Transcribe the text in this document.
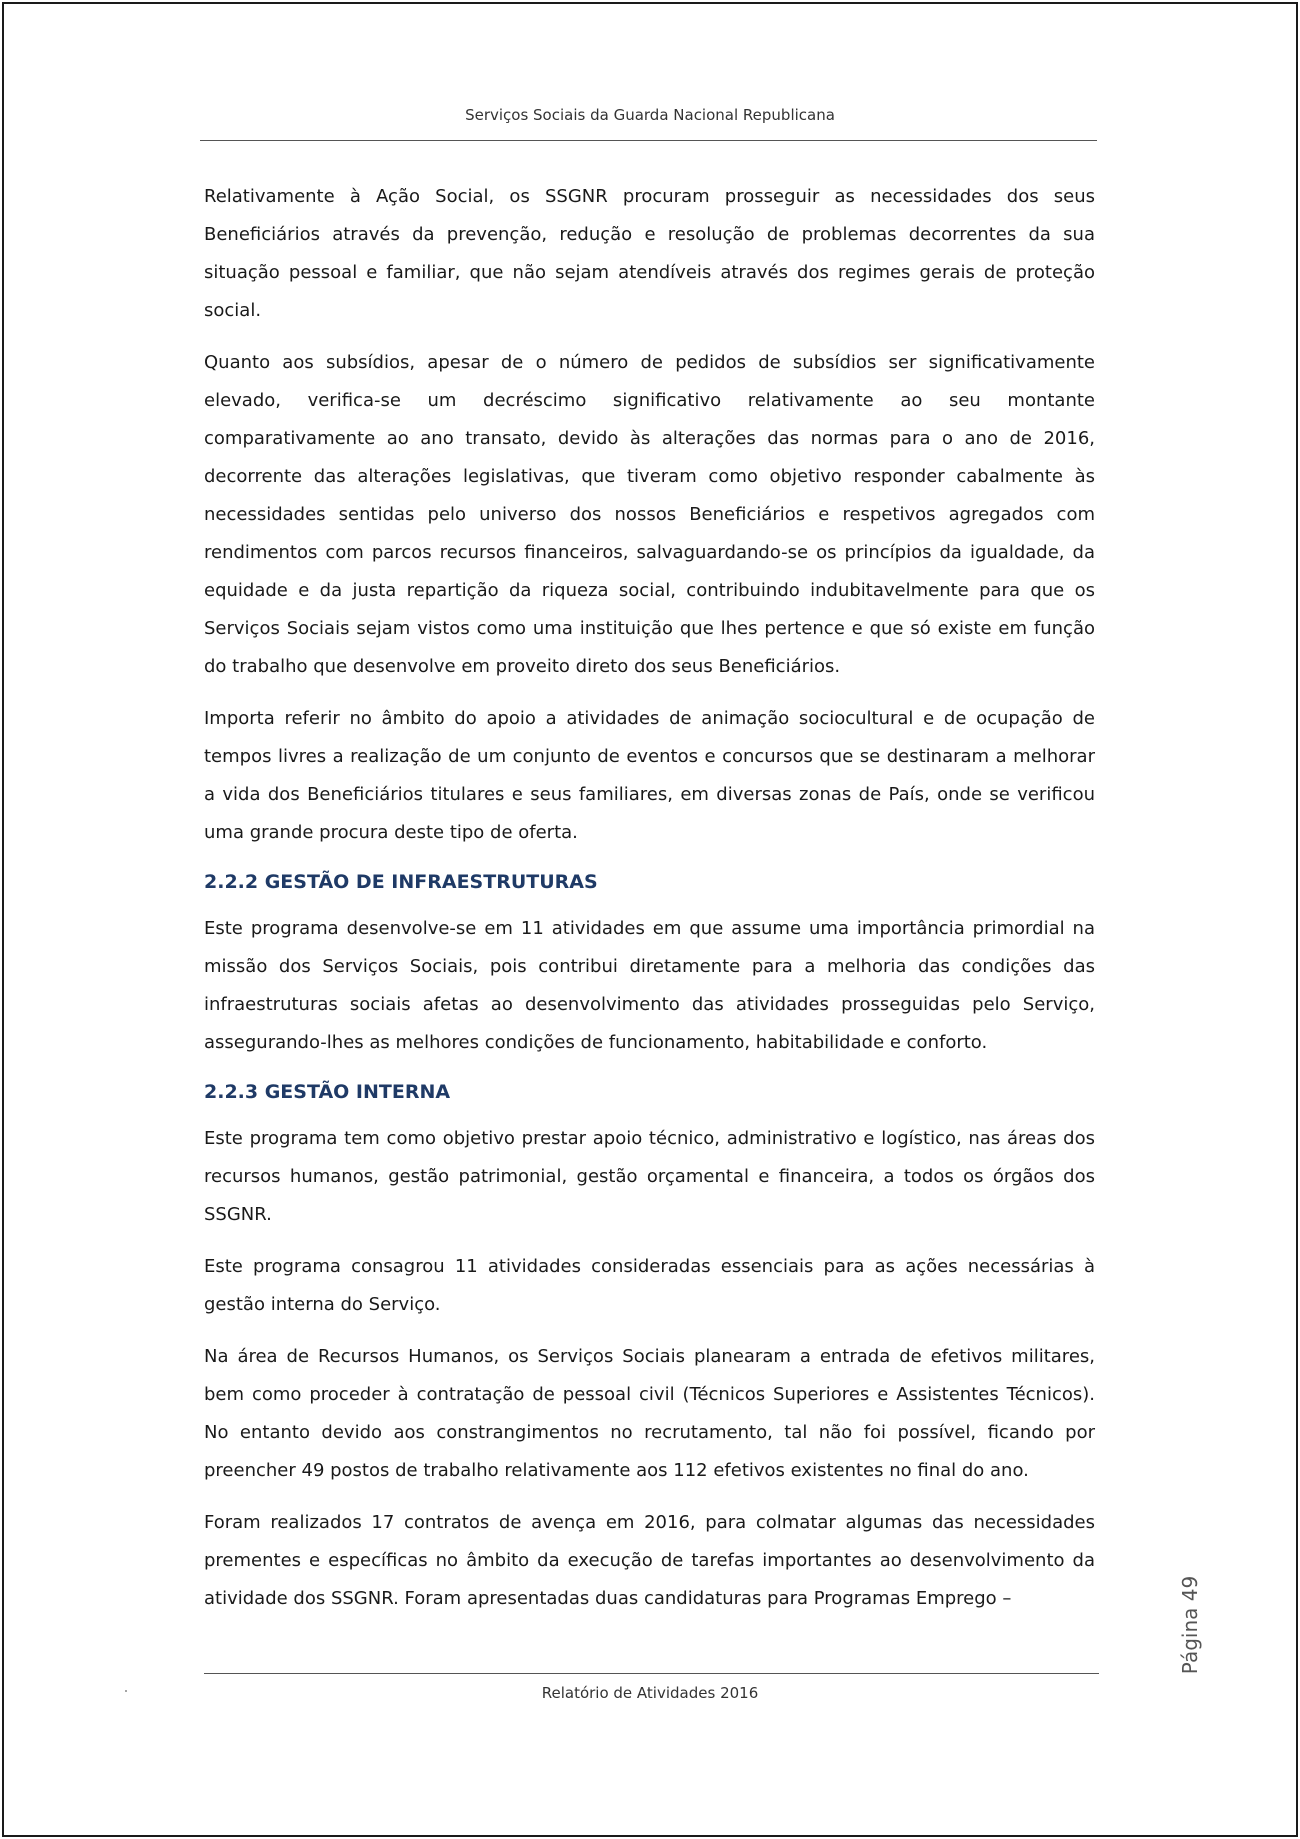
Serviços Sociais da Guarda Nacional Republicana

Relativamente à Ação Social, os SSGNR procuram prosseguir as necessidades dos seus Beneficiários através da prevenção, redução e resolução de problemas decorrentes da sua situação pessoal e familiar, que não sejam atendíveis através dos regimes gerais de proteção social.

Quanto aos subsídios, apesar de o número de pedidos de subsídios ser significativamente elevado, verifica-se um decréscimo significativo relativamente ao seu montante comparativamente ao ano transato, devido às alterações das normas para o ano de 2016, decorrente das alterações legislativas, que tiveram como objetivo responder cabalmente às necessidades sentidas pelo universo dos nossos Beneficiários e respetivos agregados com rendimentos com parcos recursos financeiros, salvaguardando-se os princípios da igualdade, da equidade e da justa repartição da riqueza social, contribuindo indubitavelmente para que os Serviços Sociais sejam vistos como uma instituição que lhes pertence e que só existe em função do trabalho que desenvolve em proveito direto dos seus Beneficiários.

Importa referir no âmbito do apoio a atividades de animação sociocultural e de ocupação de tempos livres a realização de um conjunto de eventos e concursos que se destinaram a melhorar a vida dos Beneficiários titulares e seus familiares, em diversas zonas de País, onde se verificou uma grande procura deste tipo de oferta.

2.2.2 GESTÃO DE INFRAESTRUTURAS

Este programa desenvolve-se em 11 atividades em que assume uma importância primordial na missão dos Serviços Sociais, pois contribui diretamente para a melhoria das condições das infraestruturas sociais afetas ao desenvolvimento das atividades prosseguidas pelo Serviço, assegurando-lhes as melhores condições de funcionamento, habitabilidade e conforto.

2.2.3 GESTÃO INTERNA

Este programa tem como objetivo prestar apoio técnico, administrativo e logístico, nas áreas dos recursos humanos, gestão patrimonial, gestão orçamental e financeira, a todos os órgãos dos SSGNR.

Este programa consagrou 11 atividades consideradas essenciais para as ações necessárias à gestão interna do Serviço.

Na área de Recursos Humanos, os Serviços Sociais planearam a entrada de efetivos militares, bem como proceder à contratação de pessoal civil (Técnicos Superiores e Assistentes Técnicos). No entanto devido aos constrangimentos no recrutamento, tal não foi possível, ficando por preencher 49 postos de trabalho relativamente aos 112 efetivos existentes no final do ano.

Foram realizados 17 contratos de avença em 2016, para colmatar algumas das necessidades prementes e específicas no âmbito da execução de tarefas importantes ao desenvolvimento da atividade dos SSGNR. Foram apresentadas duas candidaturas para Programas Emprego –	Página 49
Relatório de Atividades 2016
